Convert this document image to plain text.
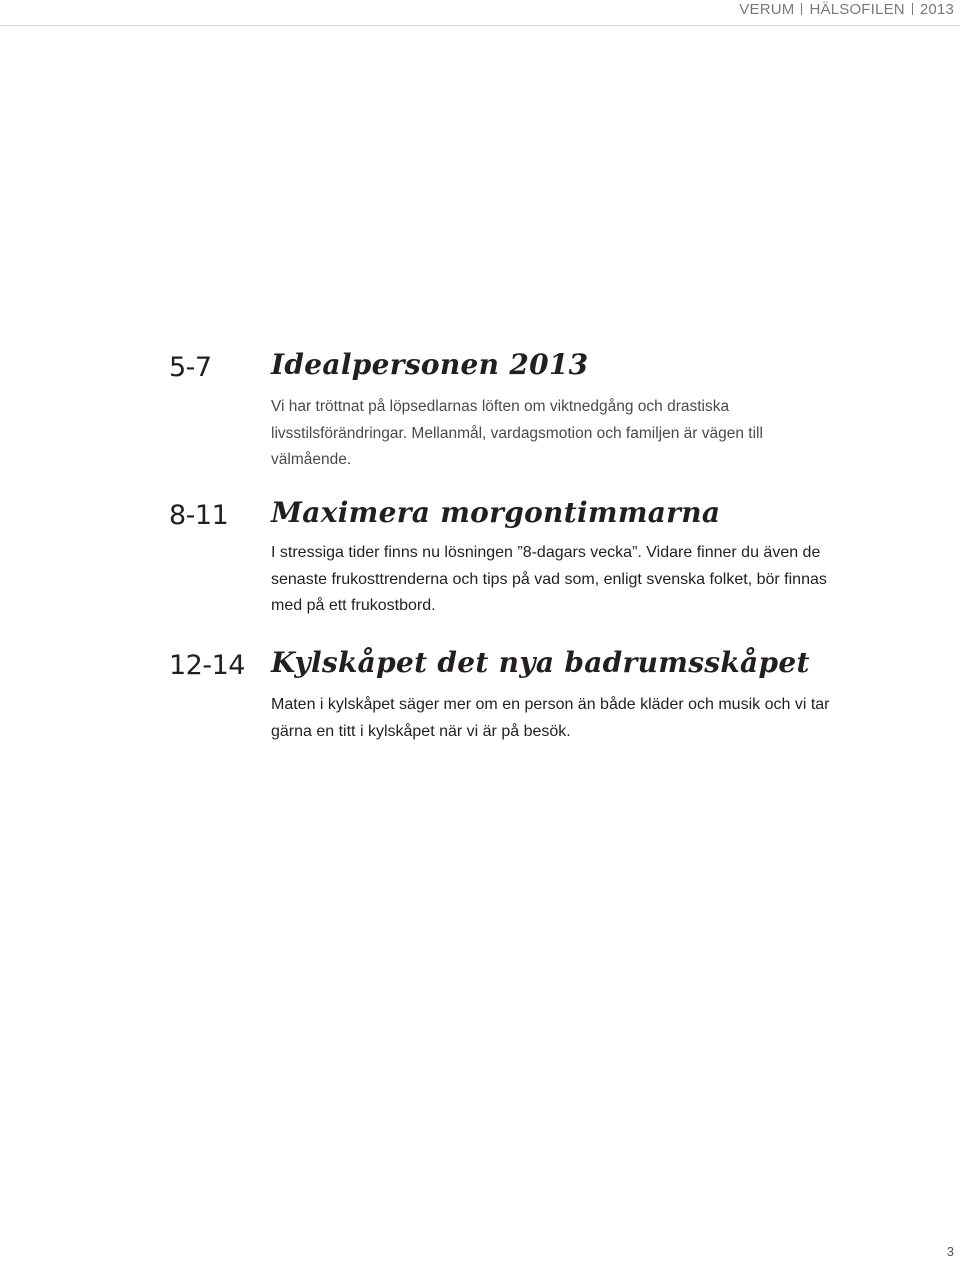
VERUM HÄLSOFILEN 2013
5-7 Idealpersonen 2013

Vi har tröttnat på löpsedlarnas löften om viktnedgång och drastiska livsstilsförändringar. Mellanmål, vardagsmotion och familjen är vägen till välmående.

8-11 Maximera morgontimmarna

I stressiga tider finns nu lösningen ”8-dagars vecka”. Vidare finner du även de senaste frukosttrenderna och tips på vad som, enligt svenska folket, bör finnas med på ett frukostbord.

12-14 Kylskåpet det nya badrumsskåpet

Maten i kylskåpet säger mer om en person än både kläder och musik och vi tar gärna en titt i kylskåpet när vi är på besök.

3
